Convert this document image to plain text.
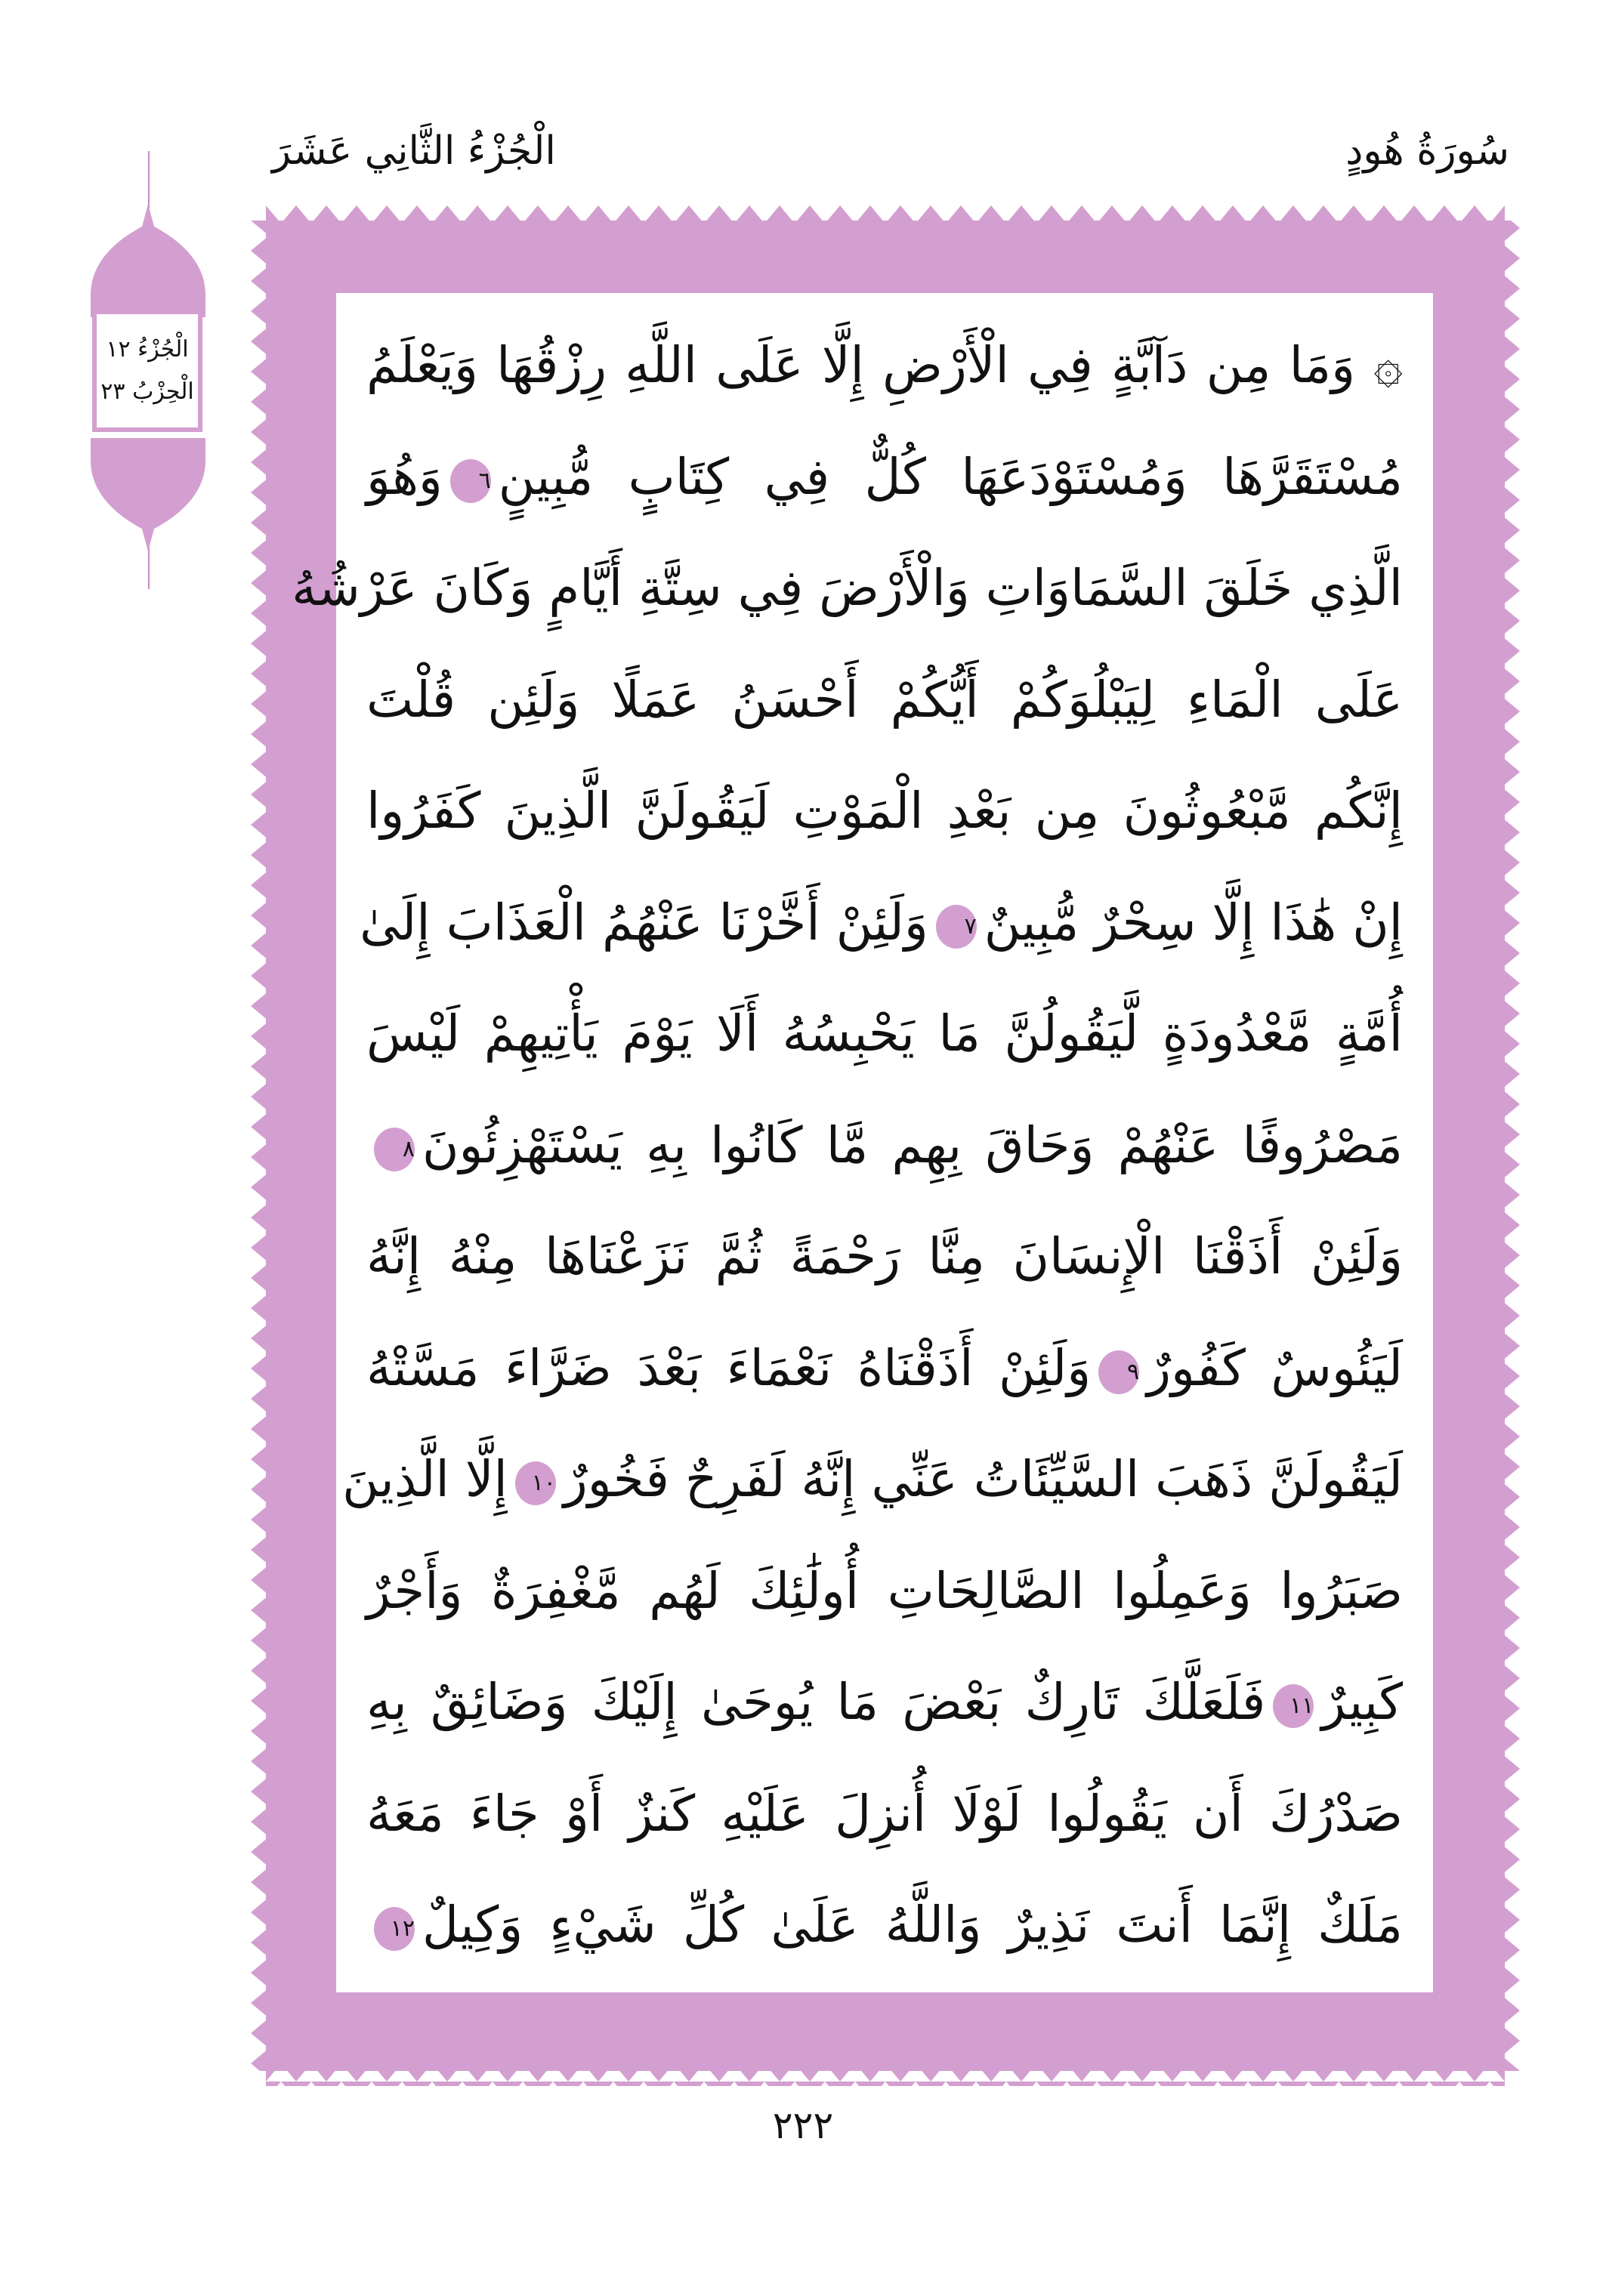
الْجُزْءُ الثَّانِي عَشَرَ	سُورَةُ هُودٍ
الْجُزْءُ ١٢
الْحِزْبُ ٢٣	۞ وَمَا مِن دَآبَّةٍ فِي الْأَرْضِ إِلَّا عَلَى اللَّهِ رِزْقُهَا وَيَعْلَمُ
مُسْتَقَرَّهَا وَمُسْتَوْدَعَهَا كُلٌّ فِي كِتَابٍ مُّبِينٍ٦وَهُوَ
الَّذِي خَلَقَ السَّمَاوَاتِ وَالْأَرْضَ فِي سِتَّةِ أَيَّامٍ وَكَانَ عَرْشُهُ
عَلَى الْمَاءِ لِيَبْلُوَكُمْ أَيُّكُمْ أَحْسَنُ عَمَلًا وَلَئِن قُلْتَ
إِنَّكُم مَّبْعُوثُونَ مِن بَعْدِ الْمَوْتِ لَيَقُولَنَّ الَّذِينَ كَفَرُوا
إِنْ هَٰذَا إِلَّا سِحْرٌ مُّبِينٌ٧وَلَئِنْ أَخَّرْنَا عَنْهُمُ الْعَذَابَ إِلَىٰ
أُمَّةٍ مَّعْدُودَةٍ لَّيَقُولُنَّ مَا يَحْبِسُهُ أَلَا يَوْمَ يَأْتِيهِمْ لَيْسَ
مَصْرُوفًا عَنْهُمْ وَحَاقَ بِهِم مَّا كَانُوا بِهِ يَسْتَهْزِئُونَ٨
وَلَئِنْ أَذَقْنَا الْإِنسَانَ مِنَّا رَحْمَةً ثُمَّ نَزَعْنَاهَا مِنْهُ إِنَّهُ
لَيَئُوسٌ كَفُورٌ٩وَلَئِنْ أَذَقْنَاهُ نَعْمَاءَ بَعْدَ ضَرَّاءَ مَسَّتْهُ
لَيَقُولَنَّ ذَهَبَ السَّيِّئَاتُ عَنِّي إِنَّهُ لَفَرِحٌ فَخُورٌ١٠إِلَّا الَّذِينَ
صَبَرُوا وَعَمِلُوا الصَّالِحَاتِ أُولَٰئِكَ لَهُم مَّغْفِرَةٌ وَأَجْرٌ
كَبِيرٌ١١فَلَعَلَّكَ تَارِكٌ بَعْضَ مَا يُوحَىٰ إِلَيْكَ وَضَائِقٌ بِهِ
صَدْرُكَ أَن يَقُولُوا لَوْلَا أُنزِلَ عَلَيْهِ كَنزٌ أَوْ جَاءَ مَعَهُ
مَلَكٌ إِنَّمَا أَنتَ نَذِيرٌ وَاللَّهُ عَلَىٰ كُلِّ شَيْءٍ وَكِيلٌ١٢
٢٢٢
